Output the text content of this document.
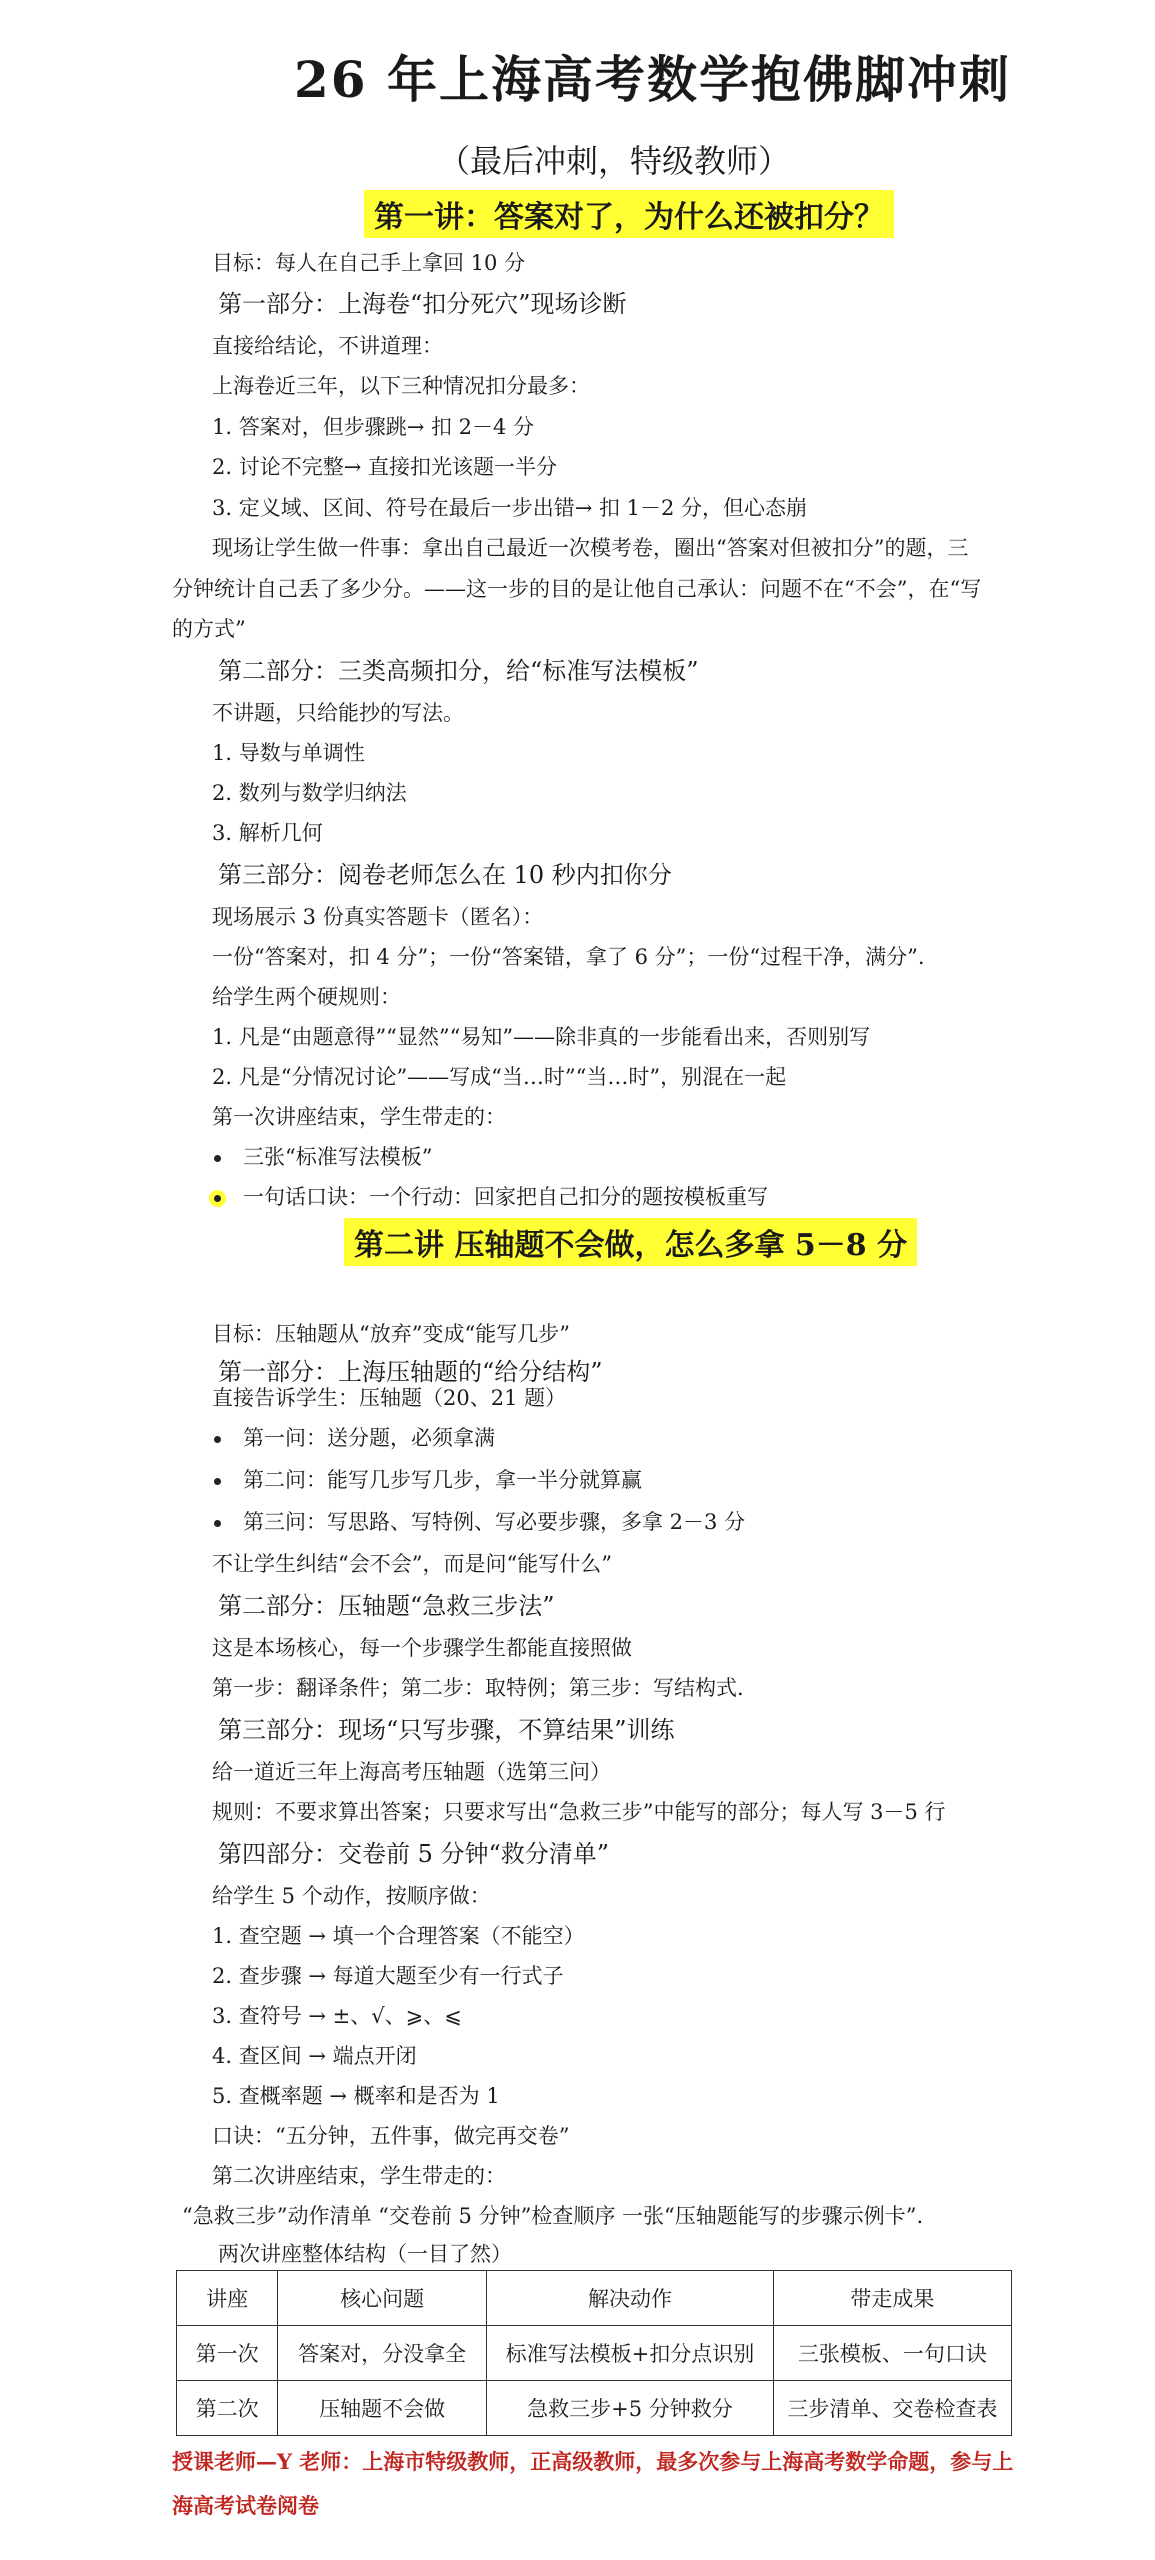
26 年上海高考数学抱佛脚冲刺
（最后冲刺，特级教师）
第一讲：答案对了，为什么还被扣分？
目标：每人在自己手上拿回 10 分
第一部分：上海卷“扣分死穴”现场诊断
直接给结论，不讲道理：
上海卷近三年，以下三种情况扣分最多：
1. 答案对，但步骤跳→ 扣 2－4 分
2. 讨论不完整→ 直接扣光该题一半分
3. 定义域、区间、符号在最后一步出错→ 扣 1－2 分，但心态崩
现场让学生做一件事：拿出自己最近一次模考卷，圈出“答案对但被扣分”的题，三
分钟统计自己丢了多少分。——这一步的目的是让他自己承认：问题不在“不会”，在“写
的方式”
第二部分：三类高频扣分，给“标准写法模板”
不讲题，只给能抄的写法。
1. 导数与单调性
2. 数列与数学归纳法
3. 解析几何
第三部分：阅卷老师怎么在 10 秒内扣你分
现场展示 3 份真实答题卡（匿名）：
一份“答案对，扣 4 分”；一份“答案错，拿了 6 分”；一份“过程干净，满分”.
给学生两个硬规则：
1. 凡是“由题意得”“显然”“易知”——除非真的一步能看出来，否则别写
2. 凡是“分情况讨论”——写成“当…时”“当…时”，别混在一起
第一次讲座结束，学生带走的：
三张“标准写法模板”
一句话口诀：一个行动：回家把自己扣分的题按模板重写
第二讲 压轴题不会做，怎么多拿 5－8 分
目标：压轴题从“放弃”变成“能写几步”
第一部分：上海压轴题的“给分结构”
直接告诉学生：压轴题（20、21 题）
第一问：送分题，必须拿满
第二问：能写几步写几步，拿一半分就算赢
第三问：写思路、写特例、写必要步骤，多拿 2－3 分
不让学生纠结“会不会”，而是问“能写什么”
第二部分：压轴题“急救三步法”
这是本场核心，每一个步骤学生都能直接照做
第一步：翻译条件；第二步：取特例；第三步：写结构式.
第三部分：现场“只写步骤，不算结果”训练
给一道近三年上海高考压轴题（选第三问）
规则：不要求算出答案；只要求写出“急救三步”中能写的部分；每人写 3－5 行
第四部分：交卷前 5 分钟“救分清单”
给学生 5 个动作，按顺序做：
1. 查空题 → 填一个合理答案（不能空）
2. 查步骤 → 每道大题至少有一行式子
3. 查符号 → ±、√、⩾、⩽
4. 查区间 → 端点开闭
5. 查概率题 → 概率和是否为 1
口诀：“五分钟，五件事，做完再交卷”
第二次讲座结束，学生带走的：
“急救三步”动作清单 “交卷前 5 分钟”检查顺序 一张“压轴题能写的步骤示例卡”.
两次讲座整体结构（一目了然）
讲座	核心问题	解决动作	带走成果
第一次	答案对，分没拿全	标准写法模板+扣分点识别	三张模板、一句口诀
第二次	压轴题不会做	急救三步+5 分钟救分	三步清单、交卷检查表
授课老师—Y 老师：上海市特级教师，正高级教师，最多次参与上海高考数学命题，参与上海高考试卷阅卷
